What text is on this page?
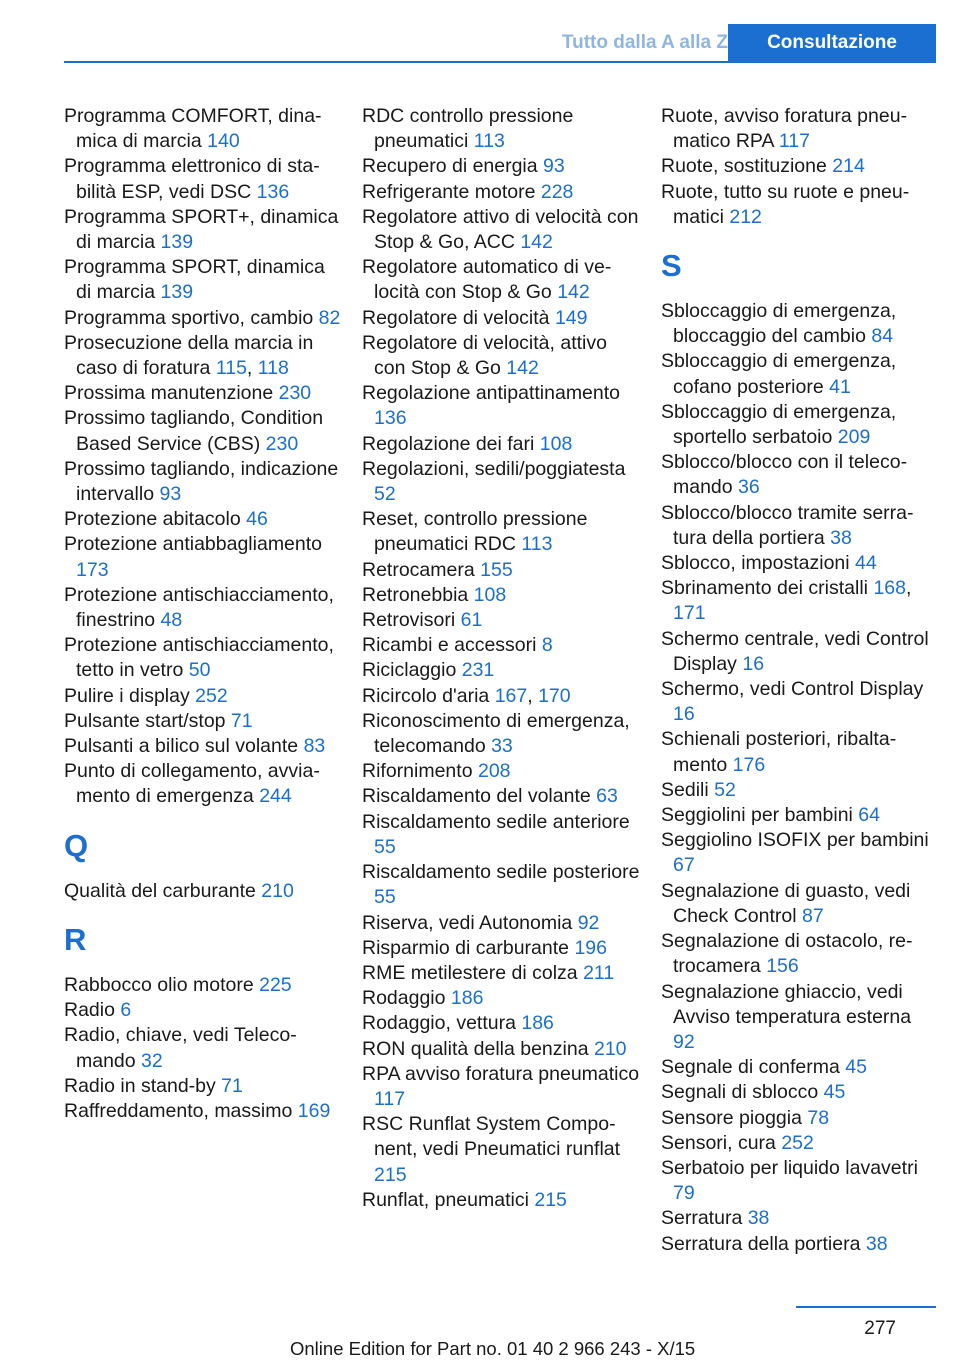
Tutto dalla A alla Z	Consultazione
Programma COMFORT, dinamica di marcia 140
Programma elettronico di stabilità ESP, vedi DSC 136
Programma SPORT+, dinamica di marcia 139
Programma SPORT, dinamica di marcia 139
Programma sportivo, cambio 82
Prosecuzione della marcia in caso di foratura 115, 118
Prossima manutenzione 230
Prossimo tagliando, Condition Based Service (CBS) 230
Prossimo tagliando, indicazione intervallo 93
Protezione abitacolo 46
Protezione antiabbagliamento 173
Protezione antischiacciamento, finestrino 48
Protezione antischiacciamento, tetto in vetro 50
Pulire i display 252
Pulsante start/stop 71
Pulsanti a bilico sul volante 83
Punto di collegamento, avviamento di emergenza 244
Q
Qualità del carburante 210
R
Rabbocco olio motore 225
Radio 6
Radio, chiave, vedi Telecomando 32
Radio in stand-by 71
Raffreddamento, massimo 169
RDC controllo pressione pneumatici 113
Recupero di energia 93
Refrigerante motore 228
Regolatore attivo di velocità con Stop & Go, ACC 142
Regolatore automatico di velocità con Stop & Go 142
Regolatore di velocità 149
Regolatore di velocità, attivo con Stop & Go 142
Regolazione antipattinamento 136
Regolazione dei fari 108
Regolazioni, sedili/poggiatesta 52
Reset, controllo pressione pneumatici RDC 113
Retrocamera 155
Retronebbia 108
Retrovisori 61
Ricambi e accessori 8
Riciclaggio 231
Ricircolo d'aria 167, 170
Riconoscimento di emergenza, telecomando 33
Rifornimento 208
Riscaldamento del volante 63
Riscaldamento sedile anteriore 55
Riscaldamento sedile posteriore 55
Riserva, vedi Autonomia 92
Risparmio di carburante 196
RME metilestere di colza 211
Rodaggio 186
Rodaggio, vettura 186
RON qualità della benzina 210
RPA avviso foratura pneumatico 117
RSC Runflat System Component, vedi Pneumatici runflat 215
Runflat, pneumatici 215
Ruote, avviso foratura pneumatico RPA 117
Ruote, sostituzione 214
Ruote, tutto su ruote e pneumatici 212
S
Sbloccaggio di emergenza, bloccaggio del cambio 84
Sbloccaggio di emergenza, cofano posteriore 41
Sbloccaggio di emergenza, sportello serbatoio 209
Sblocco/blocco con il telecomando 36
Sblocco/blocco tramite serratura della portiera 38
Sblocco, impostazioni 44
Sbrinamento dei cristalli 168, 171
Schermo centrale, vedi Control Display 16
Schermo, vedi Control Display 16
Schienali posteriori, ribaltamento 176
Sedili 52
Seggiolini per bambini 64
Seggiolino ISOFIX per bambini 67
Segnalazione di guasto, vedi Check Control 87
Segnalazione di ostacolo, retrocamera 156
Segnalazione ghiaccio, vedi Avviso temperatura esterna 92
Segnale di conferma 45
Segnali di sblocco 45
Sensore pioggia 78
Sensori, cura 252
Serbatoio per liquido lavavetri 79
Serratura 38
Serratura della portiera 38
277
Online Edition for Part no. 01 40 2 966 243 - X/15
